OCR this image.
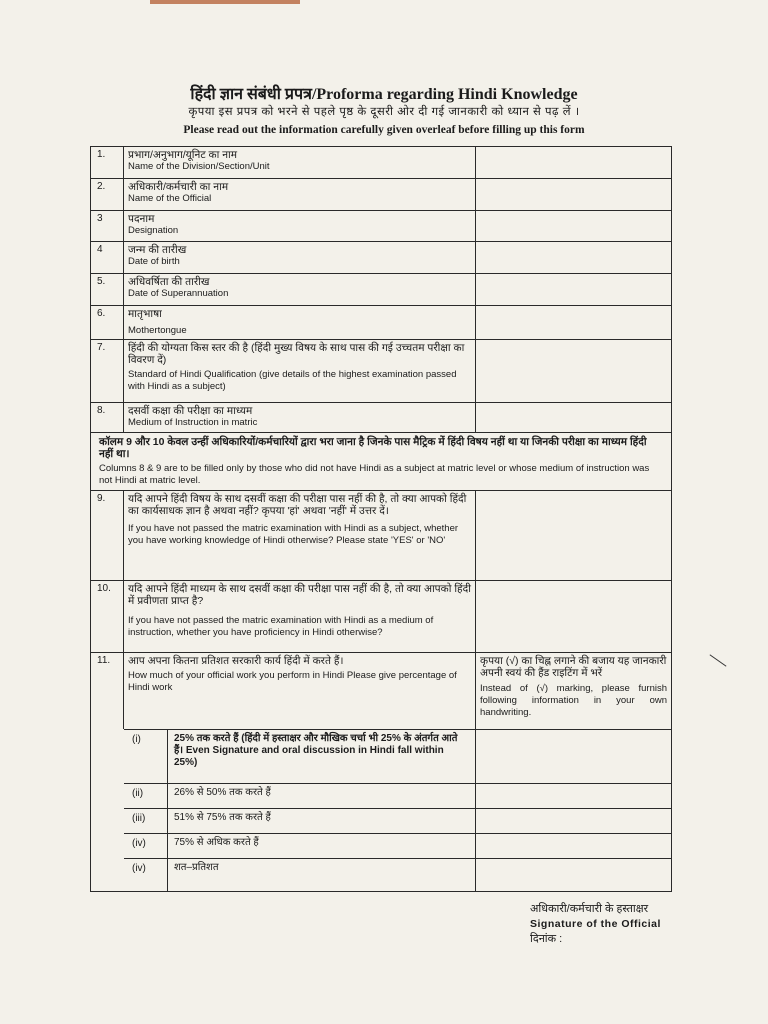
हिंदी ज्ञान संबंधी प्रपत्र/Proforma regarding Hindi Knowledge
कृपया इस प्रपत्र को भरने से पहले पृष्ठ के दूसरी ओर दी गई जानकारी को ध्यान से पढ़ लें ।
Please read out the information carefully given overleaf before filling up this form
1.	प्रभाग/अनुभाग/यूनिट का नाम
Name of the Division/Section/Unit
2.	अधिकारी/कर्मचारी का नाम
Name of the Official
3	पदनाम
Designation
4	जन्म की तारीख
Date of birth
5.	अधिवर्षिता की तारीख
Date of Superannuation
6.	मातृभाषा
Mothertongue
7.	हिंदी की योग्यता किस स्तर की है (हिंदी मुख्य विषय के साथ पास की गई उच्चतम परीक्षा का विवरण दें)
Standard of Hindi Qualification (give details of the highest examination passed with Hindi as a subject)
8.	दसवीं कक्षा की परीक्षा का माध्यम
Medium of Instruction in matric

कॉलम 9 और 10 केवल उन्हीं अधिकारियों/कर्मचारियों द्वारा भरा जाना है जिनके पास मैट्रिक में हिंदी विषय नहीं था या जिनकी परीक्षा का माध्यम हिंदी नहीं था।

Columns 8 & 9 are to be filled only by those who did not have Hindi as a subject at matric level or whose medium of instruction was not Hindi at matric level.

9.	यदि आपने हिंदी विषय के साथ दसवीं कक्षा की परीक्षा पास नहीं की है, तो क्या आपको हिंदी का कार्यसाधक ज्ञान है अथवा नहीं? कृपया 'हां' अथवा 'नहीं' में उत्तर दें।
If you have not passed the matric examination with Hindi as a subject, whether you have working knowledge of Hindi otherwise? Please state 'YES' or 'NO'
10.	यदि आपने हिंदी माध्यम के साथ दसवीं कक्षा की परीक्षा पास नहीं की है, तो क्या आपको हिंदी में प्रवीणता प्राप्त है?
If you have not passed the matric examination with Hindi as a medium of instruction, whether you have proficiency in Hindi otherwise?
11.	आप अपना कितना प्रतिशत सरकारी कार्य हिंदी में करते हैं।
How much of your official work you perform in Hindi Please give percentage of Hindi work
कृपया (√) का चिह्न लगाने की बजाय यह जानकारी अपनी स्वयं की हैंड राइटिंग में भरें
Instead of (√) marking, please furnish following information in your own handwriting.
(i)	25% तक करते हैं (हिंदी में हस्ताक्षर और मौखिक चर्चा भी 25% के अंतर्गत आते हैं। Even Signature and oral discussion in Hindi fall within 25%)
(ii)	26% से 50% तक करते हैं
(iii)	51% से 75% तक करते हैं
(iv)	75% से अधिक करते हैं
(iv)	शत–प्रतिशत
अधिकारी/कर्मचारी के हस्ताक्षर
Signature of the Official
दिनांक :
